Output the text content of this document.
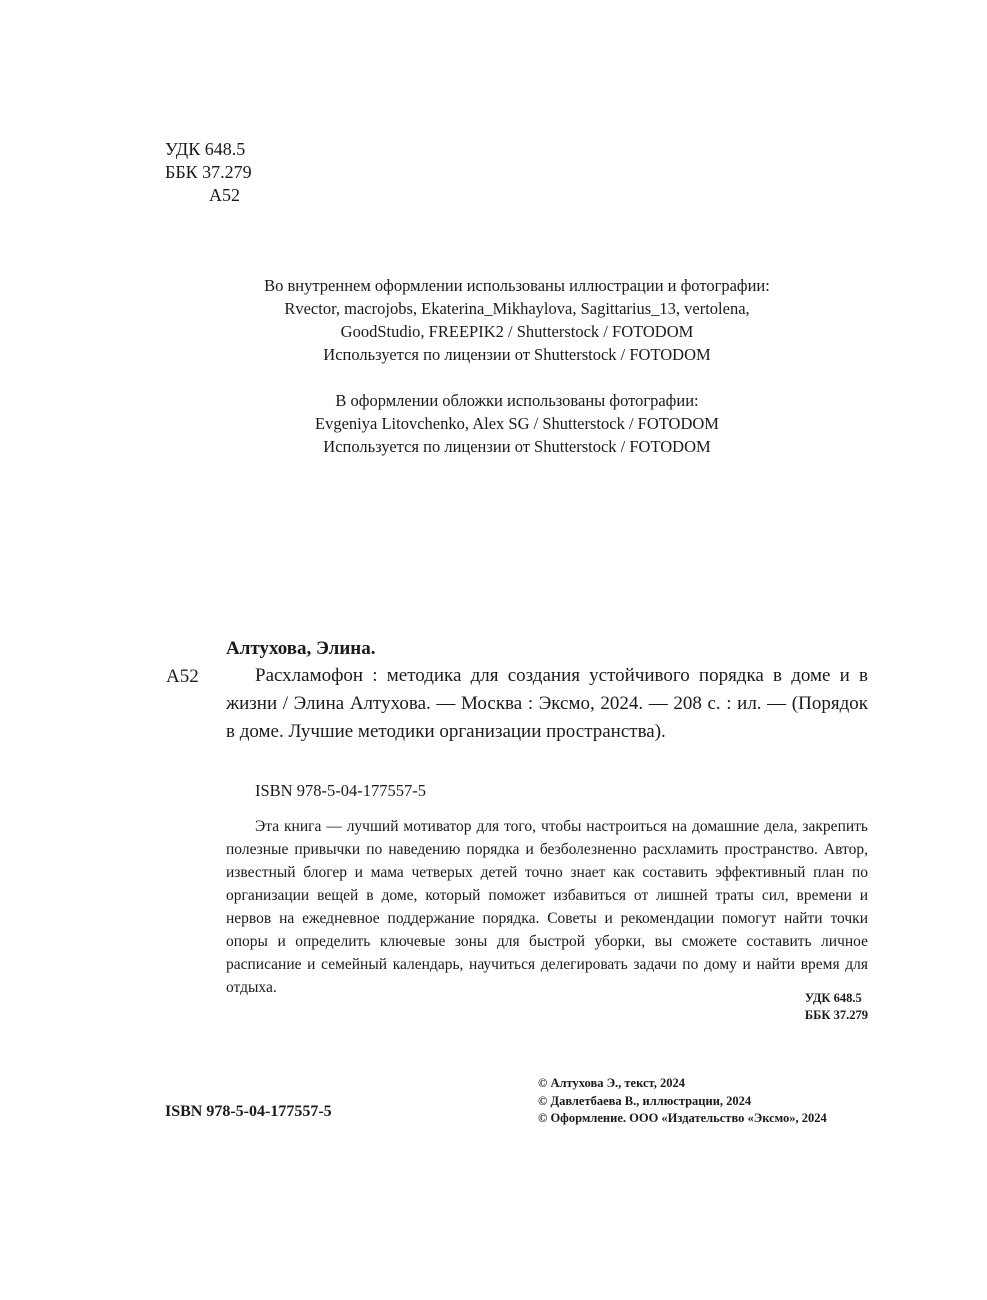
УДК 648.5
ББК 37.279
А52
Во внутреннем оформлении использованы иллюстрации и фотографии:
Rvector, macrojobs, Ekaterina_Mikhaylova, Sagittarius_13, vertolena,
GoodStudio, FREEPIK2 / Shutterstock / FOTODOM
Используется по лицензии от Shutterstock / FOTODOM
В оформлении обложки использованы фотографии:
Evgeniya Litovchenko, Alex SG / Shutterstock / FOTODOM
Используется по лицензии от Shutterstock / FOTODOM
Алтухова, Элина.
А52	Расхламофон : методика для создания устойчивого порядка в доме и в жизни / Элина Алтухова. — Москва : Эксмо, 2024. — 208 с. : ил. — (Порядок в доме. Лучшие методики организации пространства).
ISBN 978-5-04-177557-5
Эта книга — лучший мотиватор для того, чтобы настроиться на домашние дела, закрепить полезные привычки по наведению порядка и безболезненно расхламить пространство. Автор, известный блогер и мама четверых детей точно знает как составить эффективный план по организации вещей в доме, который поможет избавиться от лишней траты сил, времени и нервов на ежедневное поддержание порядка. Советы и рекомендации помогут найти точки опоры и определить ключевые зоны для быстрой уборки, вы сможете составить личное расписание и семейный календарь, научиться делегировать задачи по дому и найти время для отдыха.
УДК 648.5
ББК 37.279
ISBN 978-5-04-177557-5
© Алтухова Э., текст, 2024
© Давлетбаева В., иллюстрации, 2024
© Оформление. ООО «Издательство «Эксмо», 2024
